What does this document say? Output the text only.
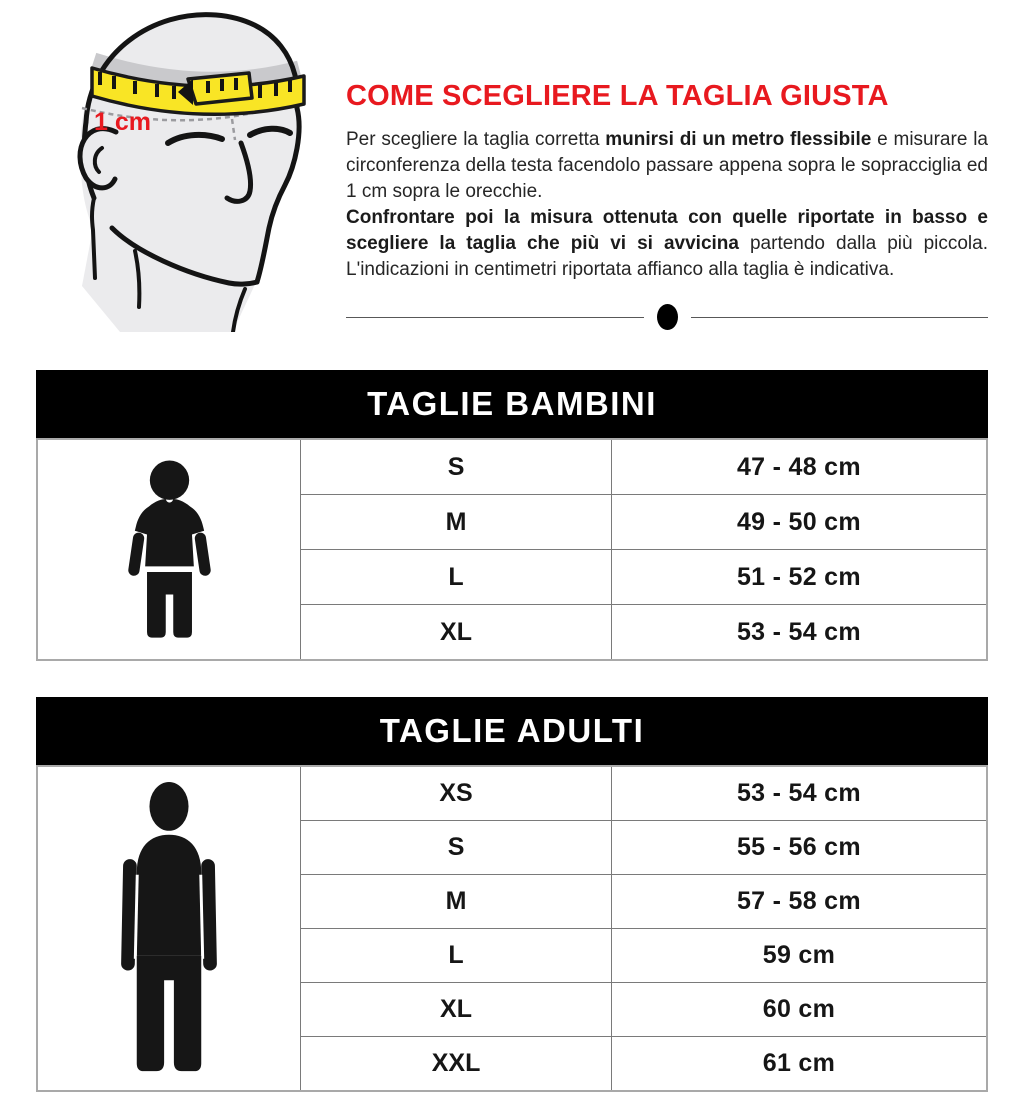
1 cm
COME SCEGLIERE LA TAGLIA GIUSTA

Per scegliere la taglia corretta munirsi di un metro flessibile e misurare la circonferenza della testa facendolo passare appena sopra le sopracciglia ed 1 cm sopra le orecchie.

Confrontare poi la misura ottenuta con quelle riportate in basso e scegliere la taglia che più vi si avvicina partendo dalla più piccola. L'indicazioni in centimetri riportata affianco alla taglia è indicativa.

TAGLIE BAMBINI
	S	47 - 48 cm
	M	49 - 50 cm
	L	51 - 52 cm
	XL	53 - 54 cm
TAGLIE ADULTI
	XS	53 - 54 cm
	S	55 - 56 cm
	M	57 - 58 cm
	L	59 cm
	XL	60 cm
	XXL	61 cm
